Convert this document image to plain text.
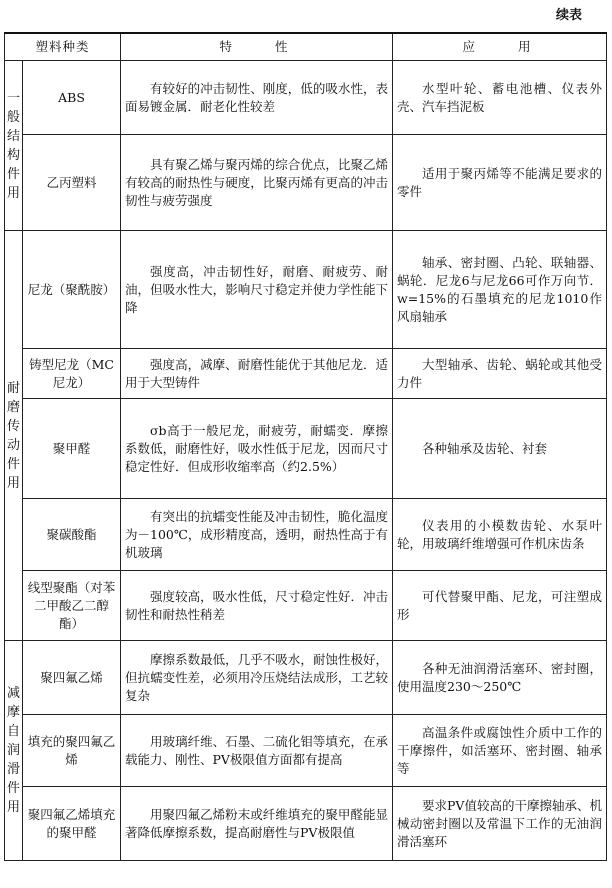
续表
塑料种类		特　　性	应　　用

一般结构件用	ABS	有较好的冲击韧性、刚度，低的吸水性，表面易镀金属．耐老化性较差	水型叶轮、蓄电池槽、仪表外壳、汽车挡泥板
	乙丙塑料	具有聚乙烯与聚丙烯的综合优点，比聚乙烯有较高的耐热性与硬度，比聚丙烯有更高的冲击韧性与疲劳强度	适用于聚丙烯等不能满足要求的零件

耐磨传动件用	尼龙（聚酰胺）	强度高，冲击韧性好，耐磨、耐疲劳、耐油，但吸水性大，影响尺寸稳定并使力学性能下降	轴承、密封圈、凸轮、联轴器、蜗轮．尼龙6与尼龙66可作万向节．w=15%的石墨填充的尼龙1010作风扇轴承
	铸型尼龙（MC尼龙）	强度高，减摩、耐磨性能优于其他尼龙．适用于大型铸件	大型轴承、齿轮、蜗轮或其他受力件
	聚甲醛	σb高于一般尼龙，耐疲劳，耐蠕变．摩擦系数低，耐磨性好，吸水性低于尼龙，因而尺寸稳定性好．但成形收缩率高（约2.5%）	各种轴承及齿轮、衬套
	聚碳酸酯	有突出的抗蠕变性能及冲击韧性，脆化温度为－100℃，成形精度高，透明，耐热性高于有机玻璃	仪表用的小模数齿轮、水泵叶轮，用玻璃纤维增强可作机床齿条
	线型聚酯（对苯二甲酸乙二醇酯）	强度较高，吸水性低，尺寸稳定性好．冲击韧性和耐热性稍差	可代替聚甲酯、尼龙，可注塑成形

减摩自润滑件用	聚四氟乙烯	摩擦系数最低，几乎不吸水，耐蚀性极好，但抗蠕变性差，必须用冷压烧结法成形，工艺较复杂	各种无油润滑活塞环、密封圈，使用温度230～250℃
	填充的聚四氟乙烯	用玻璃纤维、石墨、二硫化钼等填充，在承载能力、刚性、PV极限值方面都有提高	高温条件或腐蚀性介质中工作的干摩擦件，如活塞环、密封圈、轴承等
	聚四氟乙烯填充的聚甲醛	用聚四氟乙烯粉末或纤维填充的聚甲醛能显著降低摩擦系数，提高耐磨性与PV极限值	要求PV值较高的干摩擦轴承、机械动密封圈以及常温下工作的无油润滑活塞环
